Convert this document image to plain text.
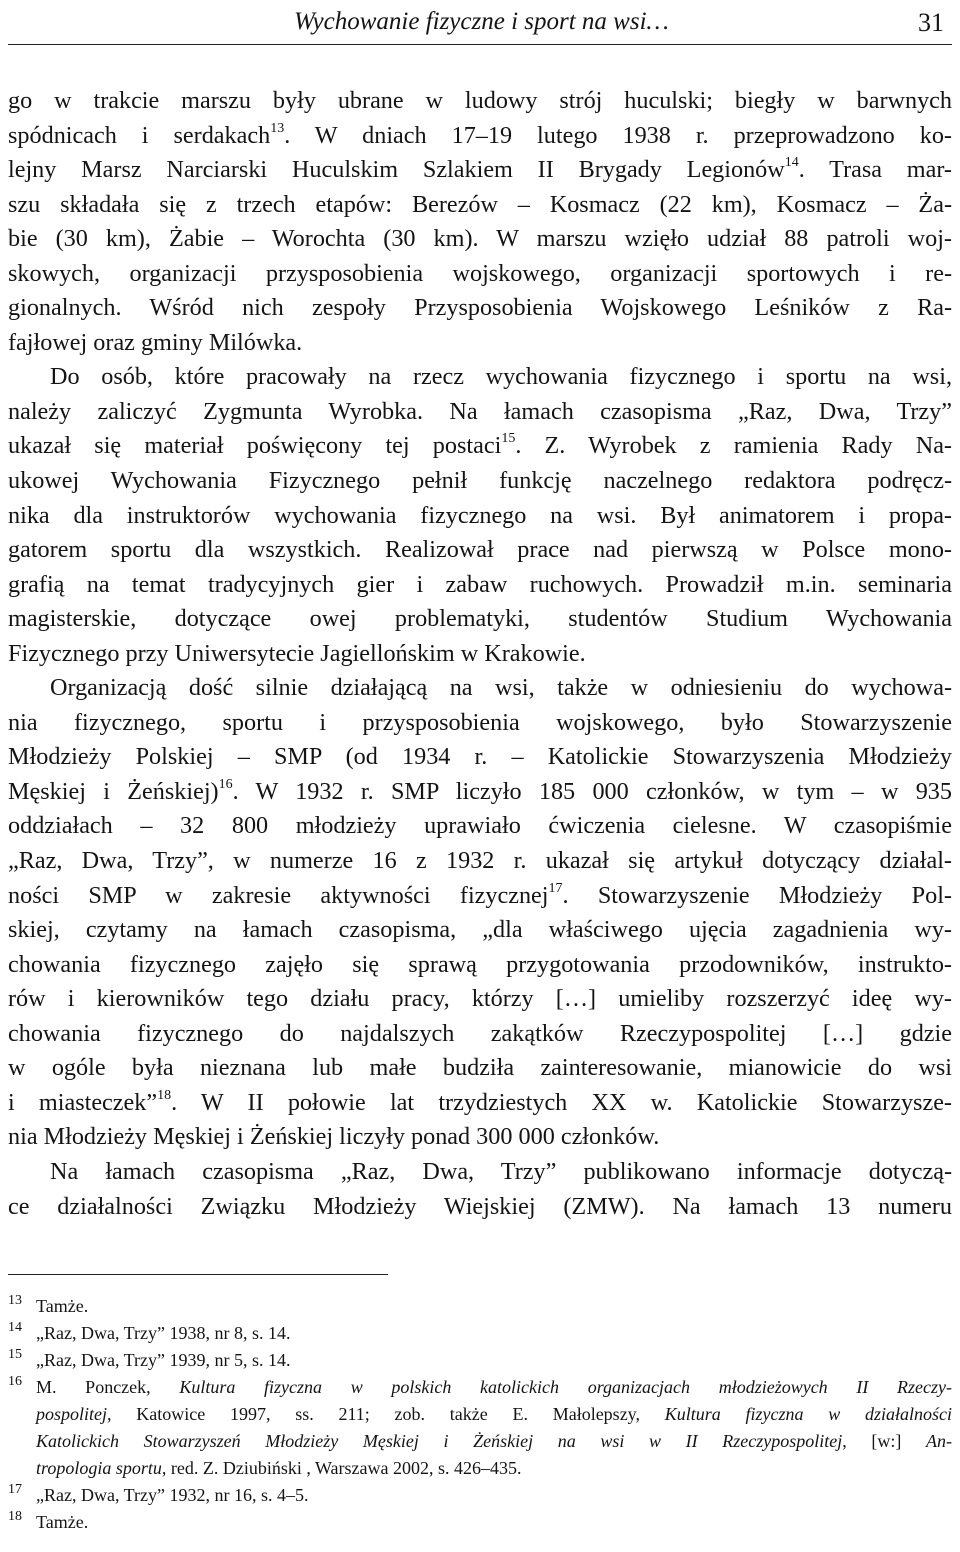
Wychowanie fizyczne i sport na wsi…	31
go w trakcie marszu były ubrane w ludowy strój huculski; biegły w barwnych
spódnicach i serdakach$^{13}$. W dniach 17–19 lutego 1938 r. przeprowadzono ko-
lejny Marsz Narciarski Huculskim Szlakiem II Brygady Legionów$^{14}$. Trasa mar-
szu składała się z trzech etapów: Berezów – Kosmacz (22 km), Kosmacz – Ża-
bie (30 km), Żabie – Worochta (30 km). W marszu wzięło udział 88 patroli woj-
skowych, organizacji przysposobienia wojskowego, organizacji sportowych i re-
gionalnych. Wśród nich zespoły Przysposobienia Wojskowego Leśników z Ra-
fajłowej oraz gminy Milówka.
Do osób, które pracowały na rzecz wychowania fizycznego i sportu na wsi,
należy zaliczyć Zygmunta Wyrobka. Na łamach czasopisma „Raz, Dwa, Trzy”
ukazał się materiał poświęcony tej postaci$^{15}$. Z. Wyrobek z ramienia Rady Na-
ukowej Wychowania Fizycznego pełnił funkcję naczelnego redaktora podręcz-
nika dla instruktorów wychowania fizycznego na wsi. Był animatorem i propa-
gatorem sportu dla wszystkich. Realizował prace nad pierwszą w Polsce mono-
grafią na temat tradycyjnych gier i zabaw ruchowych. Prowadził m.in. seminaria
magisterskie, dotyczące owej problematyki, studentów Studium Wychowania
Fizycznego przy Uniwersytecie Jagiellońskim w Krakowie.
Organizacją dość silnie działającą na wsi, także w odniesieniu do wychowa-
nia fizycznego, sportu i przysposobienia wojskowego, było Stowarzyszenie
Młodzieży Polskiej – SMP (od 1934 r. – Katolickie Stowarzyszenia Młodzieży
Męskiej i Żeńskiej)$^{16}$. W 1932 r. SMP liczyło 185 000 członków, w tym – w 935
oddziałach – 32 800 młodzieży uprawiało ćwiczenia cielesne. W czasopiśmie
„Raz, Dwa, Trzy”, w numerze 16 z 1932 r. ukazał się artykuł dotyczący działal-
ności SMP w zakresie aktywności fizycznej$^{17}$. Stowarzyszenie Młodzieży Pol-
skiej, czytamy na łamach czasopisma, „dla właściwego ujęcia zagadnienia wy-
chowania fizycznego zajęło się sprawą przygotowania przodowników, instrukto-
rów i kierowników tego działu pracy, którzy […] umieliby rozszerzyć ideę wy-
chowania fizycznego do najdalszych zakątków Rzeczypospolitej […] gdzie
w ogóle była nieznana lub małe budziła zainteresowanie, mianowicie do wsi
i miasteczek”$^{18}$. W II połowie lat trzydziestych XX w. Katolickie Stowarzysze-
nia Młodzieży Męskiej i Żeńskiej liczyły ponad 300 000 członków.
Na łamach czasopisma „Raz, Dwa, Trzy” publikowano informacje dotyczą-
ce działalności Związku Młodzieży Wiejskiej (ZMW). Na łamach 13 numeru
13 Tamże.
14 „Raz, Dwa, Trzy” 1938, nr 8, s. 14.
15 „Raz, Dwa, Trzy” 1939, nr 5, s. 14.
16 M. Ponczek, Kultura fizyczna w polskich katolickich organizacjach młodzieżowych II Rzeczy-
pospolitej, Katowice 1997, ss. 211; zob. także E. Małolepszy, Kultura fizyczna w działalności
Katolickich Stowarzyszeń Młodzieży Męskiej i Żeńskiej na wsi w II Rzeczypospolitej, [w:] An-
tropologia sportu, red. Z. Dziubiński , Warszawa 2002, s. 426–435.
17 „Raz, Dwa, Trzy” 1932, nr 16, s. 4–5.
18 Tamże.
